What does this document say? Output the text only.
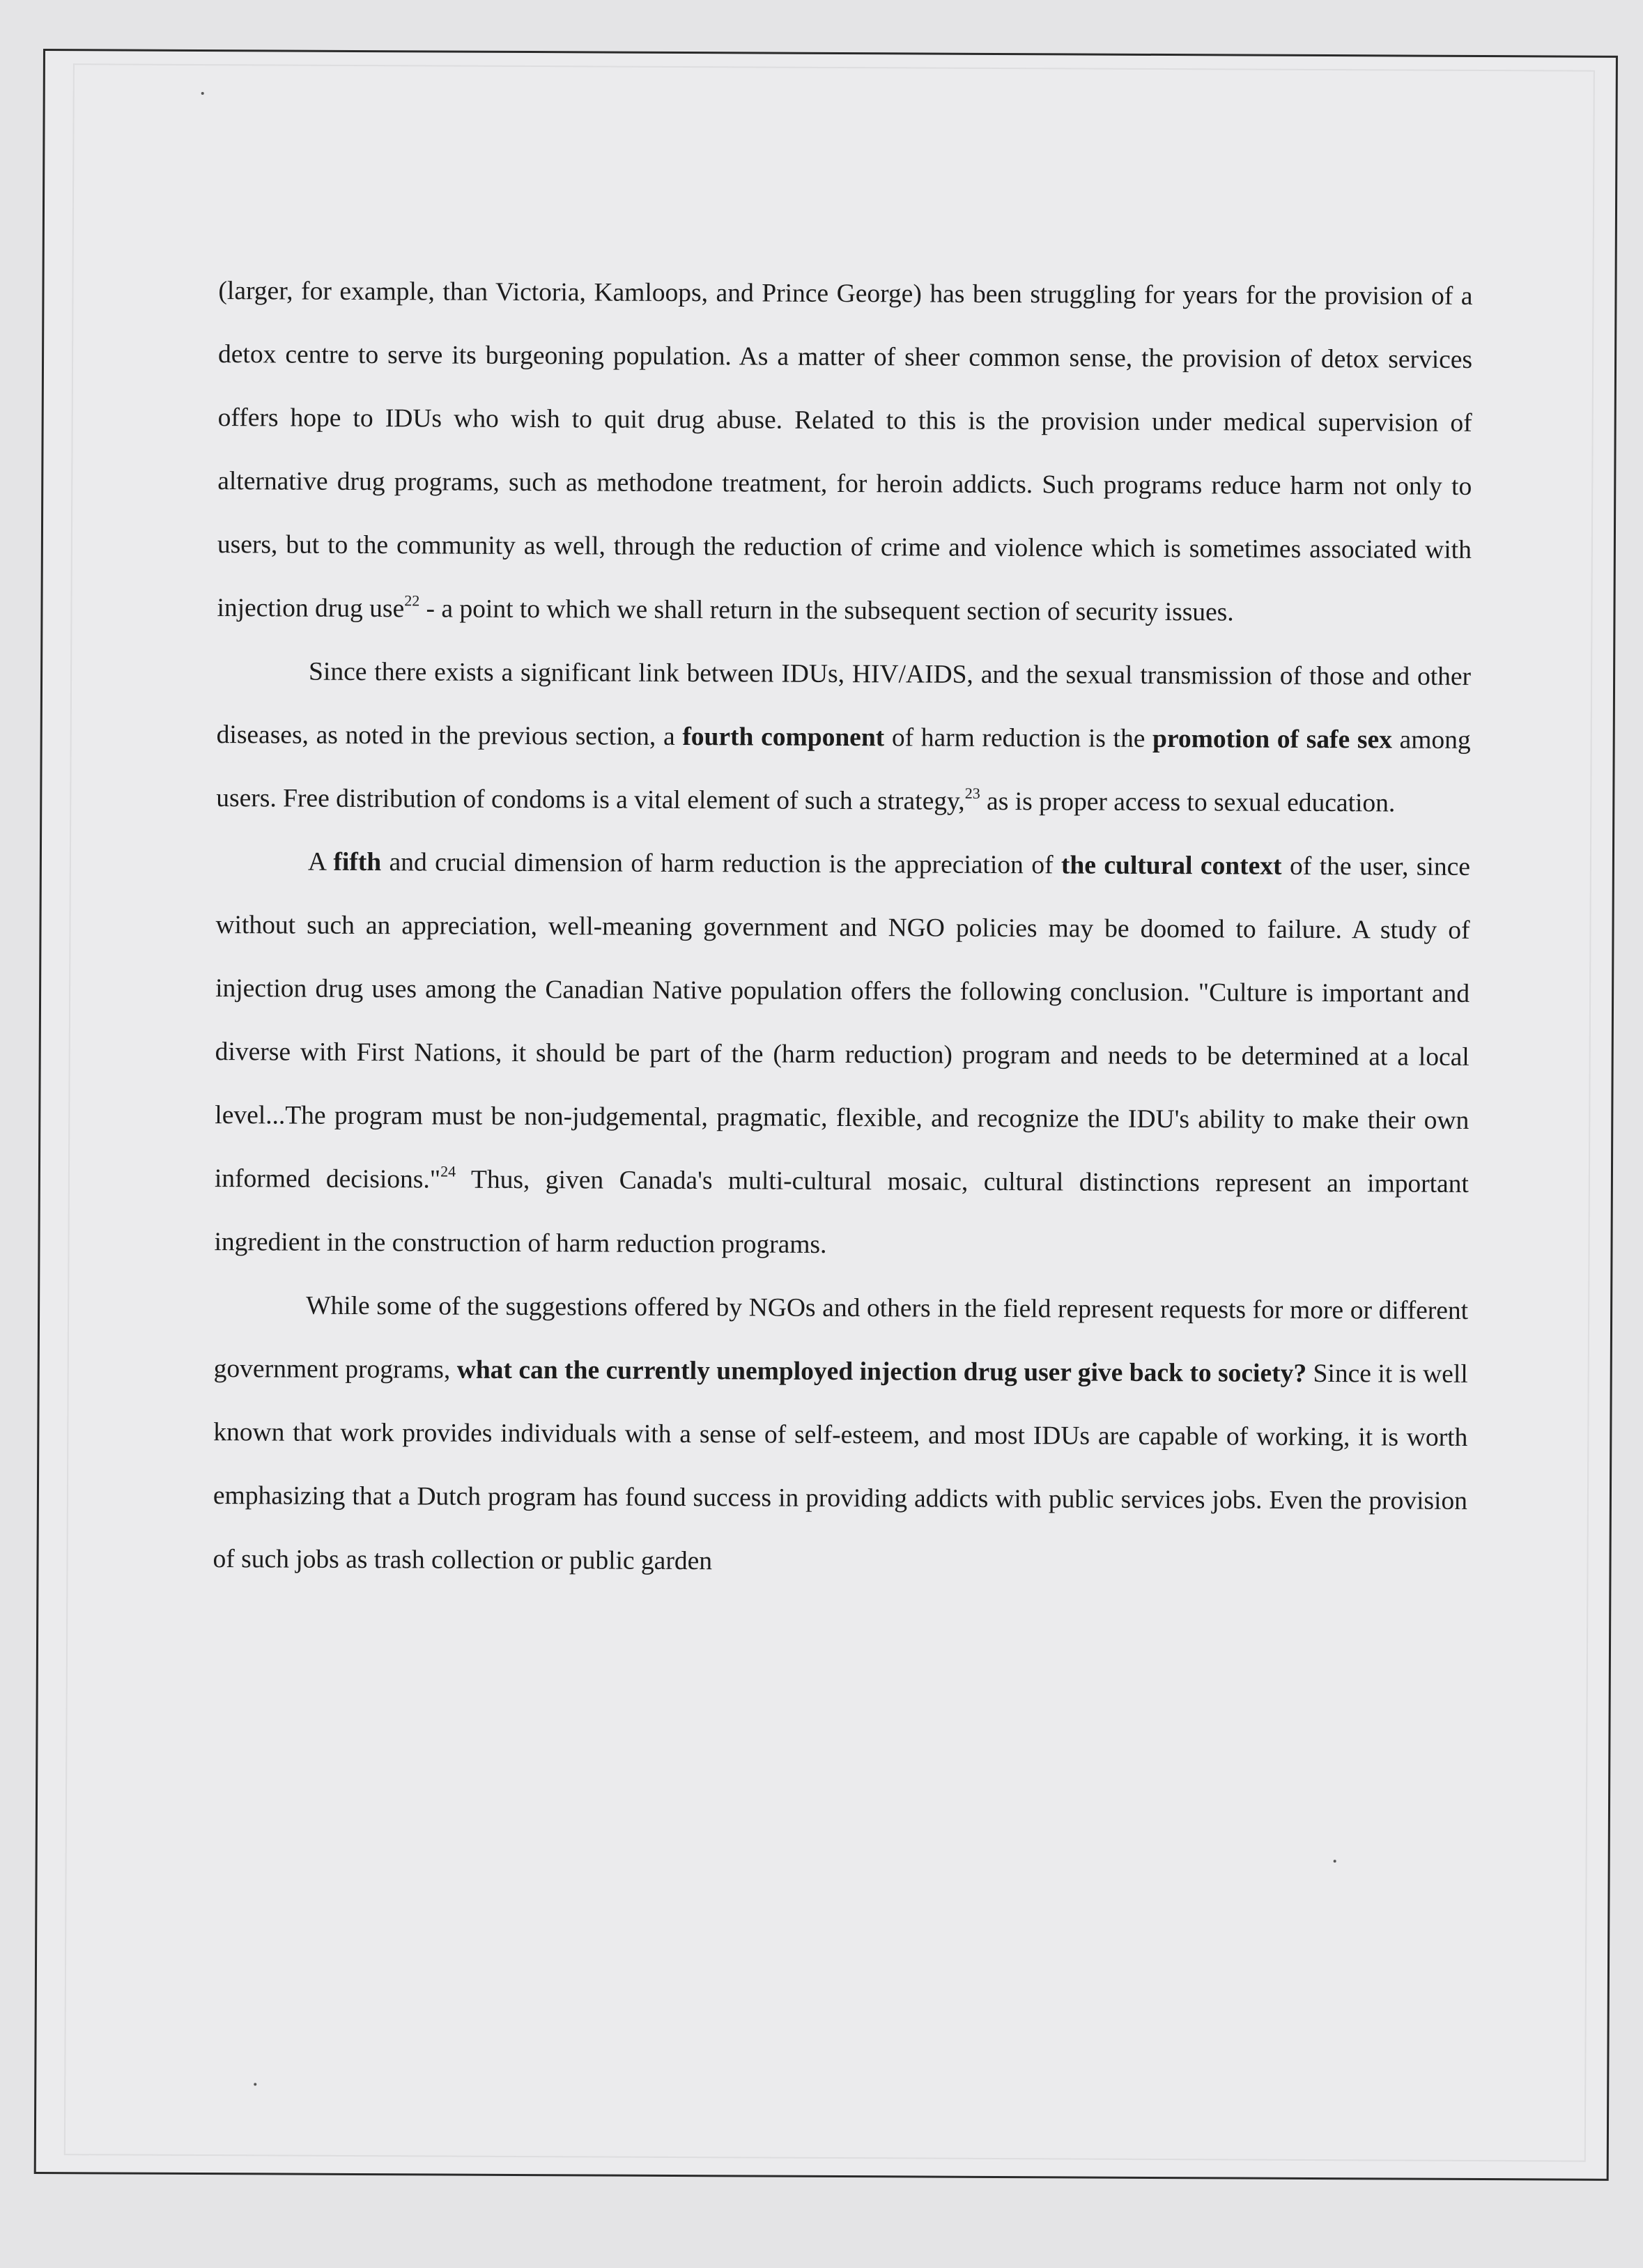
(larger, for example, than Victoria, Kamloops, and Prince George) has been struggling for years for the provision of a detox centre to serve its burgeoning population. As a matter of sheer common sense, the provision of detox services offers hope to IDUs who wish to quit drug abuse. Related to this is the provision under medical supervision of alternative drug programs, such as methodone treatment, for heroin addicts. Such programs reduce harm not only to users, but to the community as well, through the reduction of crime and violence which is sometimes associated with injection drug use$^{22}$ - a point to which we shall return in the subsequent section of security issues.

Since there exists a significant link between IDUs, HIV/AIDS, and the sexual transmission of those and other diseases, as noted in the previous section, a fourth component of harm reduction is the promotion of safe sex among users. Free distribution of condoms is a vital element of such a strategy,$^{23}$ as is proper access to sexual education.

A fifth and crucial dimension of harm reduction is the appreciation of the cultural context of the user, since without such an appreciation, well-meaning government and NGO policies may be doomed to failure. A study of injection drug uses among the Canadian Native population offers the following conclusion. "Culture is important and diverse with First Nations, it should be part of the (harm reduction) program and needs to be determined at a local level...The program must be non-judgemental, pragmatic, flexible, and recognize the IDU's ability to make their own informed decisions."$^{24}$ Thus, given Canada's multi-cultural mosaic, cultural distinctions represent an important ingredient in the construction of harm reduction programs.

While some of the suggestions offered by NGOs and others in the field represent requests for more or different government programs, what can the currently unemployed injection drug user give back to society? Since it is well known that work provides individuals with a sense of self-esteem, and most IDUs are capable of working, it is worth emphasizing that a Dutch program has found success in providing addicts with public services jobs. Even the provision of such jobs as trash collection or public garden
